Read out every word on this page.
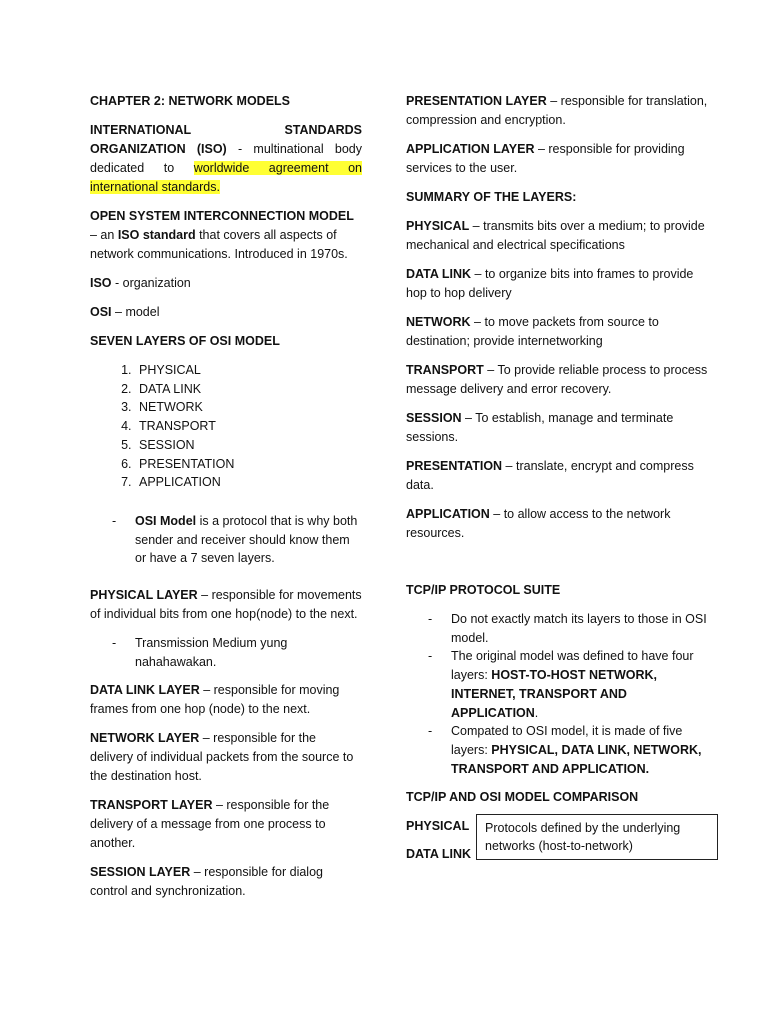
CHAPTER 2: NETWORK MODELS

INTERNATIONAL STANDARDS ORGANIZATION (ISO) - multinational body dedicated to worldwide agreement on international standards.

OPEN SYSTEM INTERCONNECTION MODEL – an ISO standard that covers all aspects of network communications. Introduced in 1970s.

ISO - organization

OSI – model

SEVEN LAYERS OF OSI MODEL

1. PHYSICAL
2. DATA LINK
3. NETWORK
4. TRANSPORT
5. SESSION
6. PRESENTATION
7. APPLICATION
- OSI Model is a protocol that is why both sender and receiver should know them or have a 7 seven layers.

PHYSICAL LAYER – responsible for movements of individual bits from one hop(node) to the next.

- Transmission Medium yung nahahawakan.

DATA LINK LAYER – responsible for moving frames from one hop (node) to the next.

NETWORK LAYER – responsible for the delivery of individual packets from the source to the destination host.

TRANSPORT LAYER – responsible for the delivery of a message from one process to another.

SESSION LAYER – responsible for dialog control and synchronization.

PRESENTATION LAYER – responsible for translation, compression and encryption.

APPLICATION LAYER – responsible for providing services to the user.

SUMMARY OF THE LAYERS:

PHYSICAL – transmits bits over a medium; to provide mechanical and electrical specifications

DATA LINK – to organize bits into frames to provide hop to hop delivery

NETWORK – to move packets from source to destination; provide internetworking

TRANSPORT – To provide reliable process to process message delivery and error recovery.

SESSION – To establish, manage and terminate sessions.

PRESENTATION – translate, encrypt and compress data.

APPLICATION – to allow access to the network resources.

TCP/IP PROTOCOL SUITE

- Do not exactly match its layers to those in OSI model.
- The original model was defined to have four layers: HOST-TO-HOST NETWORK, INTERNET, TRANSPORT AND APPLICATION.
- Compated to OSI model, it is made of five layers: PHYSICAL, DATA LINK, NETWORK, TRANSPORT AND APPLICATION.

TCP/IP AND OSI MODEL COMPARISON

PHYSICAL
DATA LINK
Protocols defined by the underlying networks (host-to-network)
